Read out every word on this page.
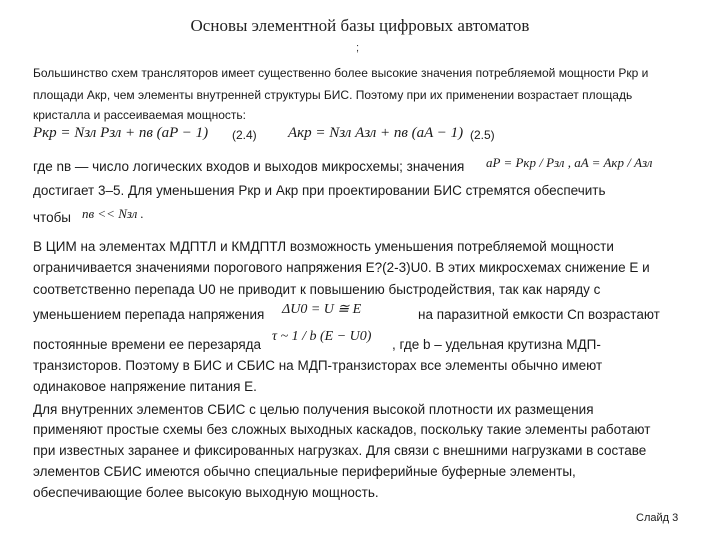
Основы элементной базы цифровых автоматов
;
Большинство схем трансляторов имеет существенно более высокие значения потребляемой мощности Pкр и
площади Aкр, чем элементы внутренней структуры БИС. Поэтому при их применении возрастает площадь
кристалла и рассеиваемая мощность:
Pкр = Nзл Pзл + nв (aP − 1) (2.4) Aкр = Nзл Aзл + nв (aA − 1) (2.5)
где nв — число логических входов и выходов микросхемы; значения aP = Pкр / Pзл , aA = Aкр / Aзл
достигает 3–5. Для уменьшения Pкр и Aкр при проектировании БИС стремятся обеспечить
чтобы nв << Nзл .
В ЦИМ на элементах МДПТЛ и КМДПТЛ возможность уменьшения потребляемой мощности
ограничивается значениями порогового напряжения E?(2-3)U0. В этих микросхемах снижение E и
соответственно перепада U0 не приводит к повышению быстродействия, так как наряду с
уменьшением перепада напряжения ΔU0 = U ≅ E	на паразитной емкости Cп возрастают
постоянные времени ее перезаряда
τ ~ 1 / b (E − U0)
, где b – удельная крутизна МДП-
транзисторов. Поэтому в БИС и СБИС на МДП-транзисторах все элементы обычно имеют
одинаковое напряжение питания E.
Для внутренних элементов СБИС с целью получения высокой плотности их размещения
применяют простые схемы без сложных выходных каскадов, поскольку такие элементы работают
при известных заранее и фиксированных нагрузках. Для связи с внешними нагрузками в составе
элементов СБИС имеются обычно специальные периферийные буферные элементы,
обеспечивающие более высокую выходную мощность.
Слайд 3
